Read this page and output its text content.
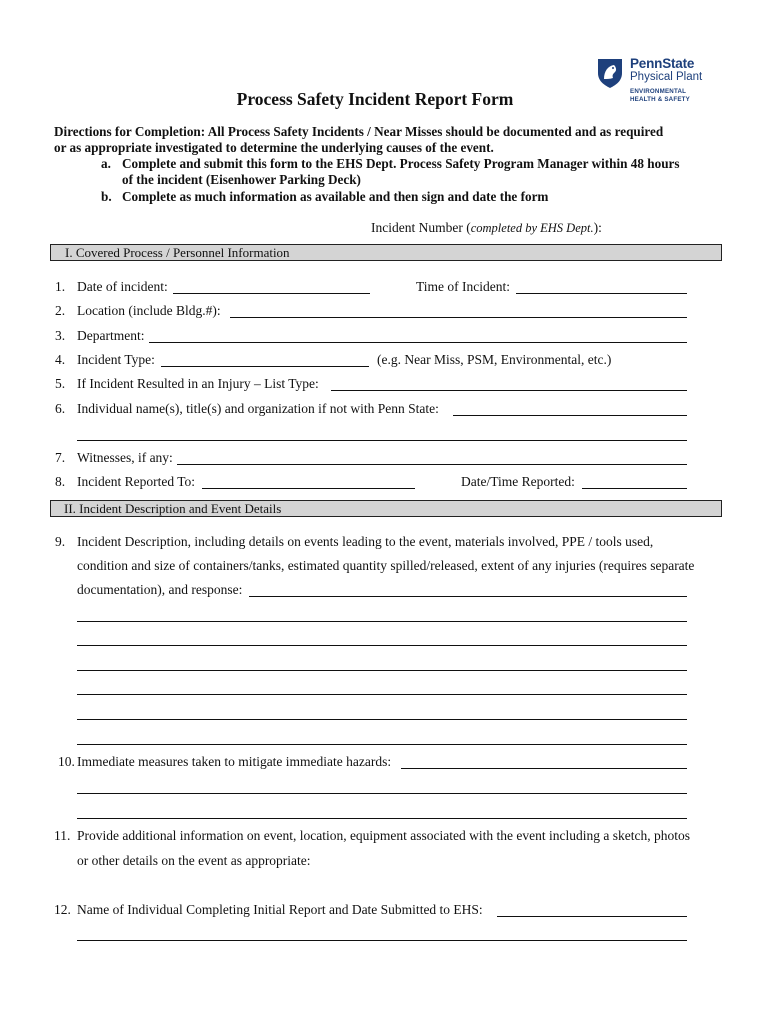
PennState
Physical Plant
ENVIRONMENTAL
HEALTH & SAFETY
Process Safety Incident Report Form
Directions for Completion: All Process Safety Incidents / Near Misses should be documented and as required
or as appropriate investigated to determine the underlying causes of the event.
a. Complete and submit this form to the EHS Dept. Process Safety Program Manager within 48 hours
of the incident (Eisenhower Parking Deck)
b. Complete as much information as available and then sign and date the form
Incident Number (completed by EHS Dept.):
I. Covered Process / Personnel Information
1. Date of incident:	Time of Incident:
2. Location (include Bldg.#):
3. Department:
4. Incident Type:	(e.g. Near Miss, PSM, Environmental, etc.)
5. If Incident Resulted in an Injury – List Type:
6. Individual name(s), title(s) and organization if not with Penn State:
7. Witnesses, if any:
8. Incident Reported To:	Date/Time Reported:
II. Incident Description and Event Details
9. Incident Description, including details on events leading to the event, materials involved, PPE / tools used,
condition and size of containers/tanks, estimated quantity spilled/released, extent of any injuries (requires separate
documentation), and response:
10. Immediate measures taken to mitigate immediate hazards:
11. Provide additional information on event, location, equipment associated with the event including a sketch, photos
or other details on the event as appropriate:
12. Name of Individual Completing Initial Report and Date Submitted to EHS:
